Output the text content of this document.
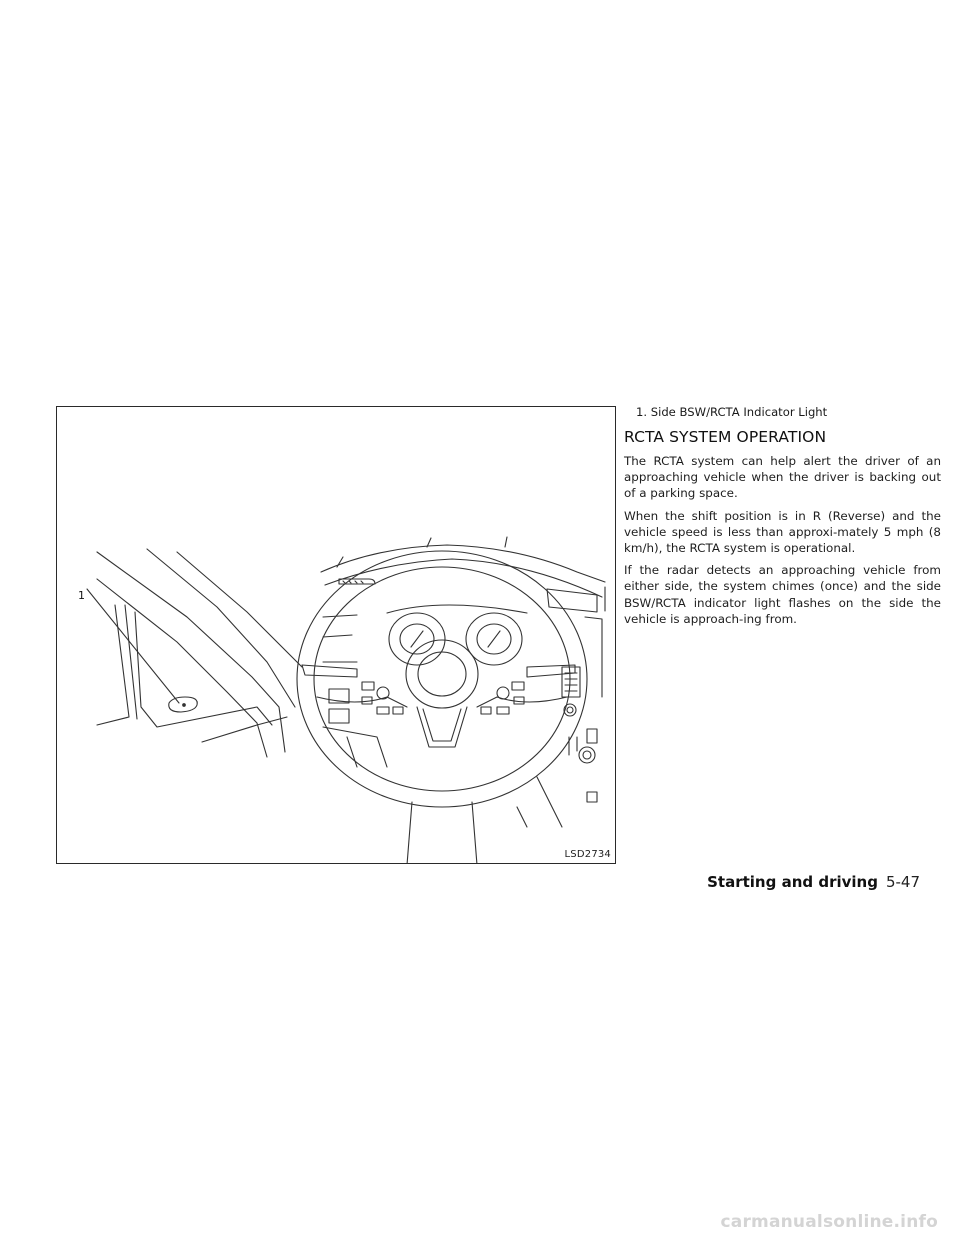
1
LSD2734

1. Side BSW/RCTA Indicator Light

RCTA SYSTEM OPERATION

The RCTA system can help alert the driver of an approaching vehicle when the driver is backing out of a parking space.

When the shift position is in R (Reverse) and the vehicle speed is less than approxi-mately 5 mph (8 km/h), the RCTA system is operational.

If the radar detects an approaching vehicle from either side, the system chimes (once) and the side BSW/RCTA indicator light flashes on the side the vehicle is approach-ing from.

Starting and driving 5-47
carmanualsonline.info
